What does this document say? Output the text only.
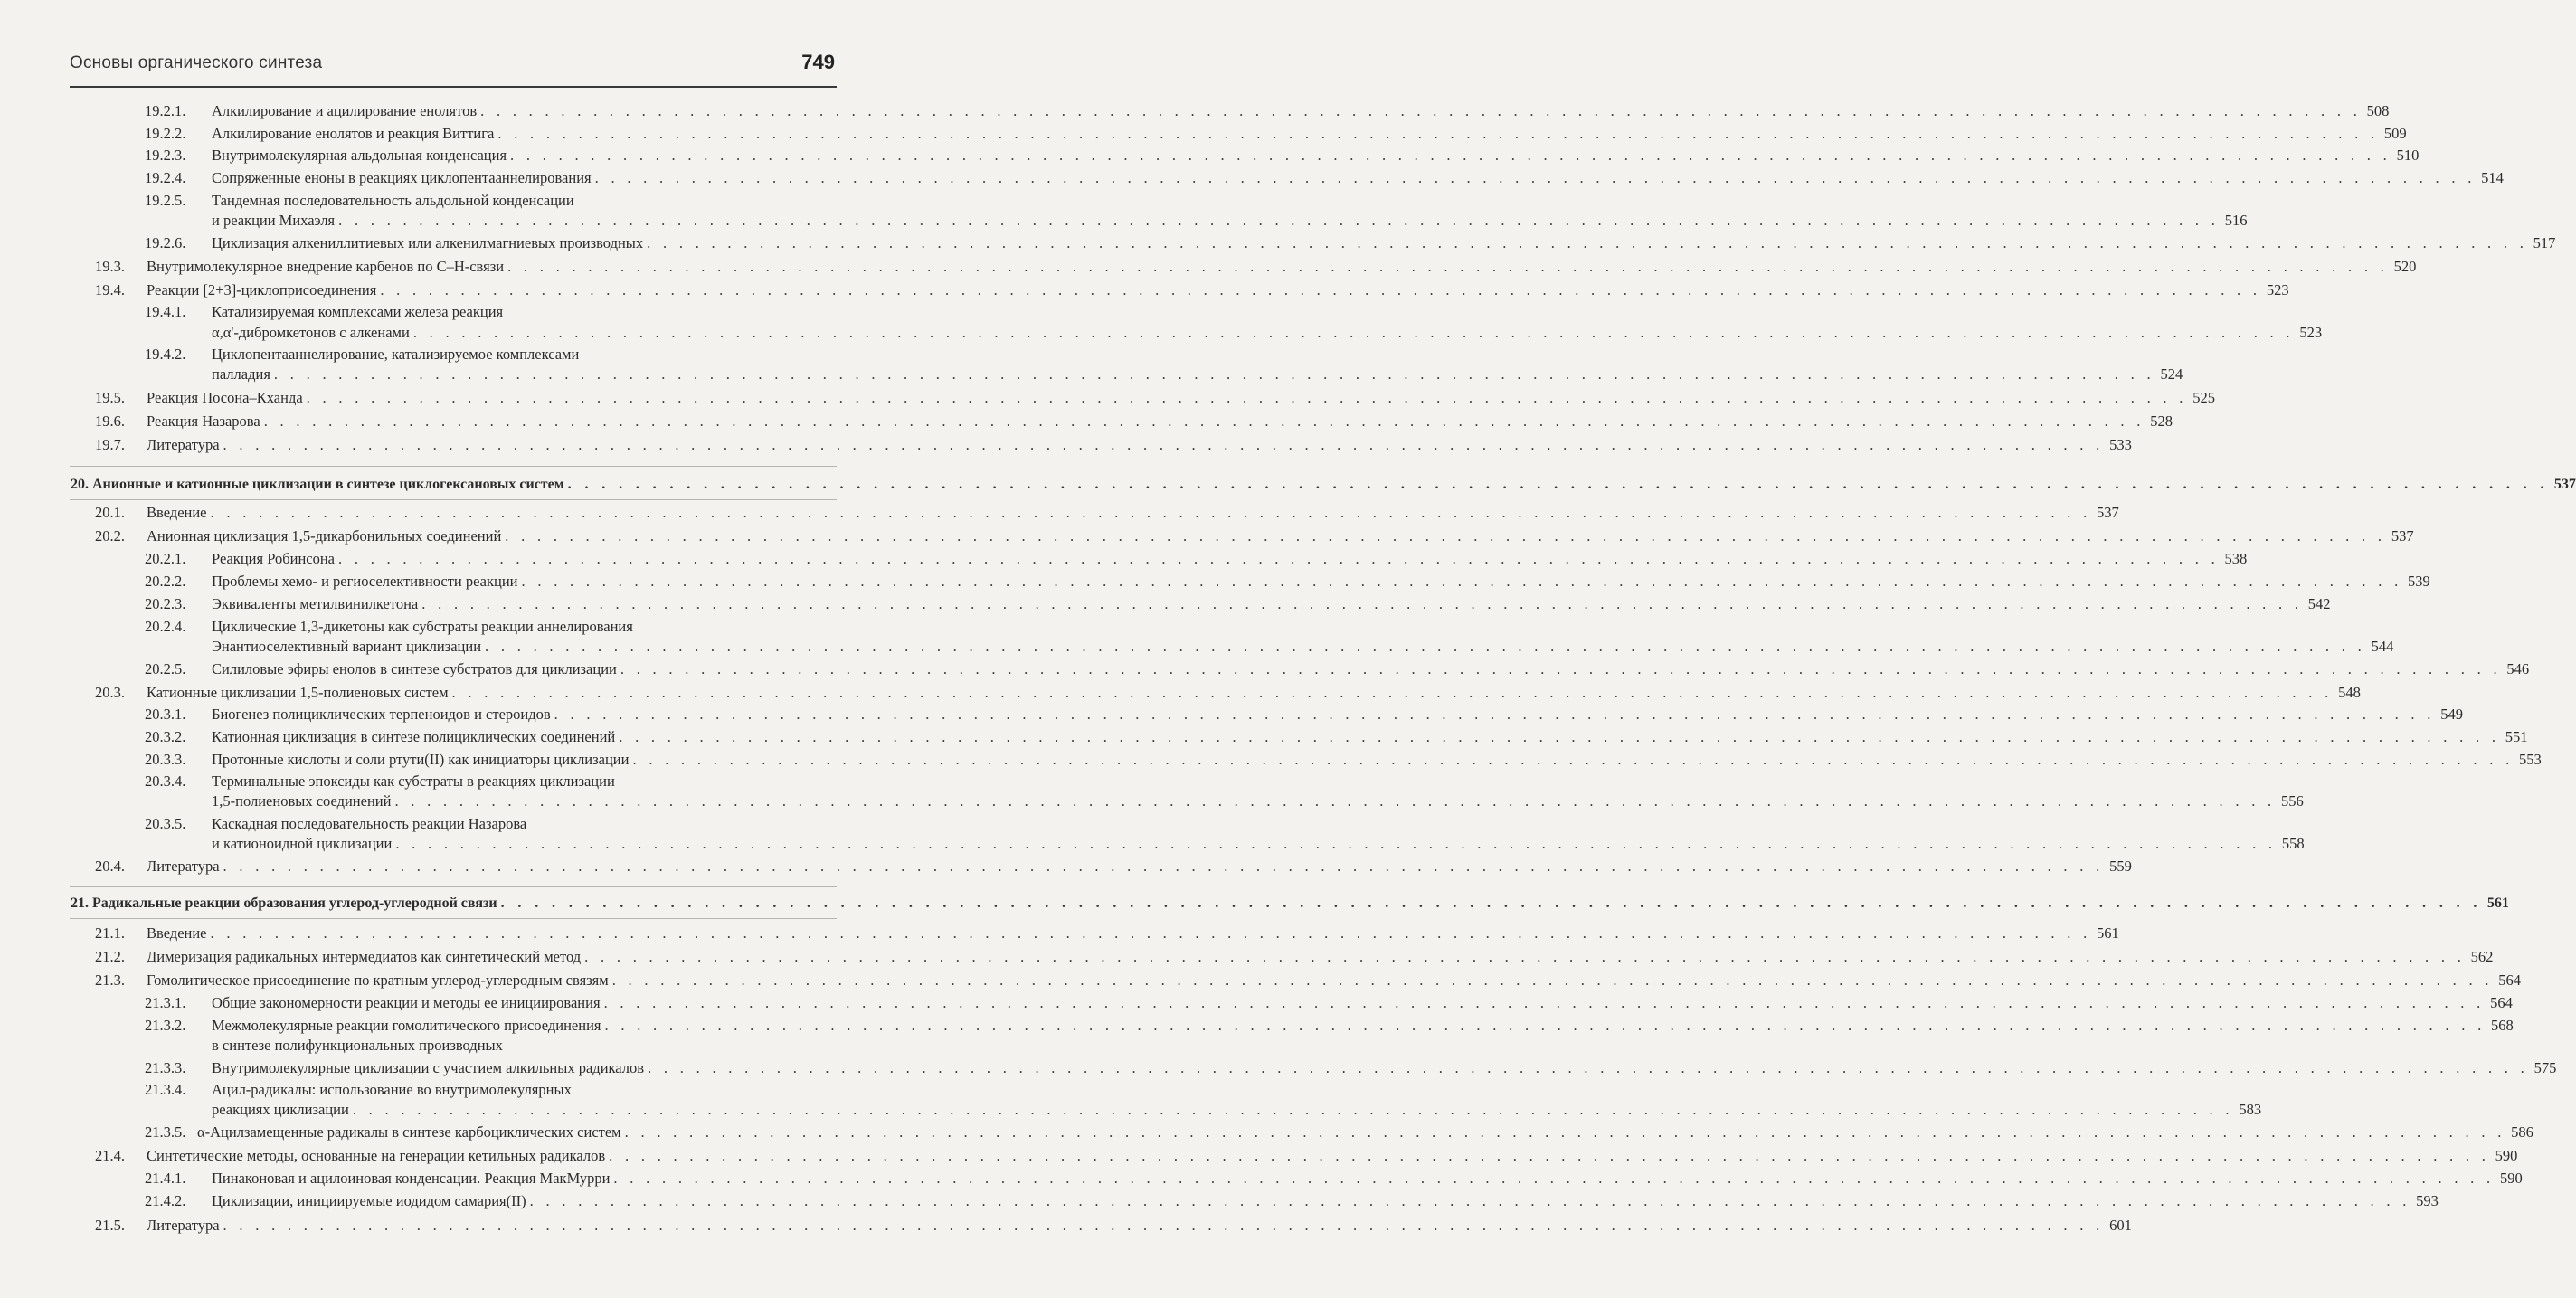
Основы органического синтеза	749
19.2.1. Алкилирование и ацилирование енолятов . . .	508
19.2.2. Алкилирование енолятов и реакция Виттига . . .	509
19.2.3. Внутримолекулярная альдольная конденсация . . .	510
19.2.4. Сопряженные еноны в реакциях циклопентааннелирования . . .	514
19.2.5. Тандемная последовательность альдольной конденсации
и реакции Михаэля . . .	516
19.2.6. Циклизация алкениллитиевых или алкенилмагниевых производных . . .	517
19.3. Внутримолекулярное внедрение карбенов по С–Н-связи . . .	520
19.4. Реакции [2+3]-циклоприсоединения . . .	523
19.4.1. Катализируемая комплексами железа реакция
α,α'-дибромкетонов с алкенами . . .	523
19.4.2. Циклопентааннелирование, катализируемое комплексами
палладия . . .	524
19.5. Реакция Посона–Кханда . . .	525
19.6. Реакция Назарова . . .	528
19.7. Литература . . .	533
20. Анионные и катионные циклизации в синтезе циклогексановых систем . . .	537
20.1. Введение . . .	537
20.2. Анионная циклизация 1,5-дикарбонильных соединений . . .	537
20.2.1. Реакция Робинсона . . .	538
20.2.2. Проблемы хемо- и региоселективности реакции . . .	539
20.2.3. Эквиваленты метилвинилкетона . . .	542
20.2.4. Циклические 1,3-дикетоны как субстраты реакции аннелирования
Энантиоселективный вариант циклизации . . .	544
20.2.5. Силиловые эфиры енолов в синтезе субстратов для циклизации . . .	546
20.3. Катионные циклизации 1,5-полиеновых систем . . .	548
20.3.1. Биогенез полициклических терпеноидов и стероидов . . .	549
20.3.2. Катионная циклизация в синтезе полициклических соединений . . .	551
20.3.3. Протонные кислоты и соли ртути(II) как инициаторы циклизации . . .	553
20.3.4. Терминальные эпоксиды как субстраты в реакциях циклизации
1,5-полиеновых соединений . . .	556
20.3.5. Каскадная последовательность реакции Назарова
и катионоидной циклизации . . .	558
20.4. Литература . . .	559
21. Радикальные реакции образования углерод-углеродной связи . . .	561
21.1. Введение . . .	561
21.2. Димеризация радикальных интермедиатов как синтетический метод . . .	562
21.3. Гомолитическое присоединение по кратным углерод-углеродным связям . . .	564
21.3.1. Общие закономерности реакции и методы ее инициирования . . .	564
21.3.2. Межмолекулярные реакции гомолитического присоединения . . .	568
в синтезе полифункциональных производных
21.3.3. Внутримолекулярные циклизации с участием алкильных радикалов . . .	575
21.3.4. Ацил-радикалы: использование во внутримолекулярных
реакциях циклизации . . .	583
21.3.5. α-Ацилзамещенные радикалы в синтезе карбоциклических систем . . .	586
21.4. Синтетические методы, основанные на генерации кетильных радикалов . . .	590
21.4.1. Пинаконовая и ацилоиновая конденсации. Реакция МакМурри . . .	590
21.4.2. Циклизации, инициируемые иодидом самария(II) . . .	593
21.5. Литература . . .	601
